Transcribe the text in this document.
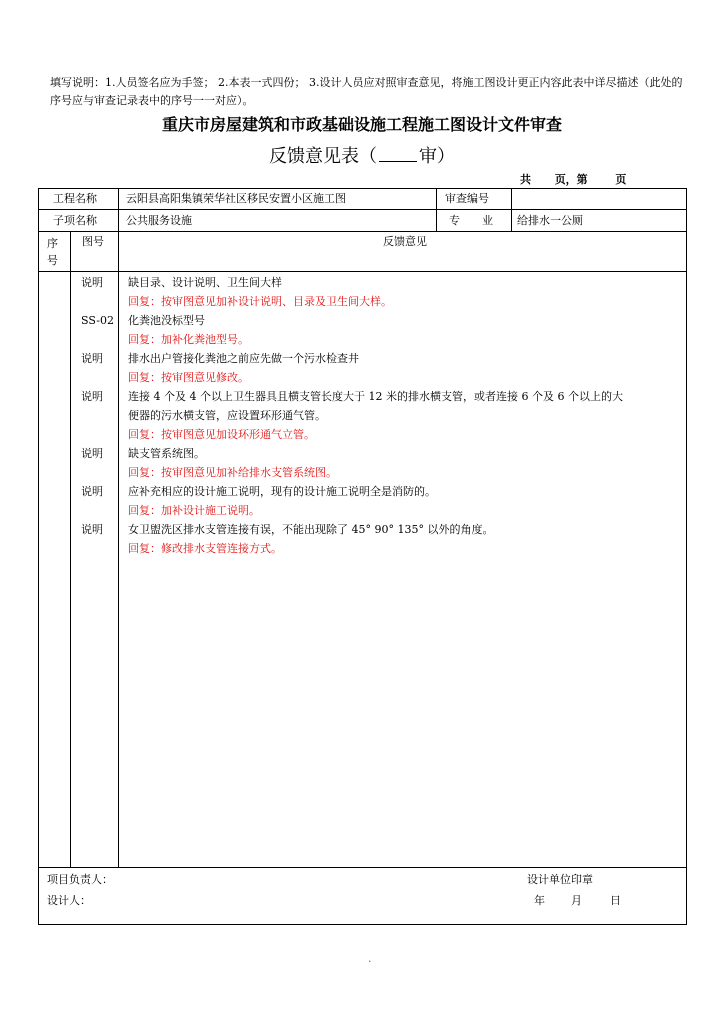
填写说明：1.人员签名应为手签； 2.本表一式四份； 3.设计人员应对照审查意见，将施工图设计更正内容此表中详尽描述（此处的序号应与审查记录表中的序号一一对应）。
重庆市房屋建筑和市政基础设施工程施工图设计文件审查
反馈意见表（ 审）
共 页，第	页
工程名称	云阳县高阳集镇荣华社区移民安置小区施工图	审查编号
子项名称	公共服务设施	专　　业 给排水一公厕
序
号
图号	反馈意见
说明	缺目录、设计说明、卫生间大样
回复：按审图意见加补设计说明、目录及卫生间大样。
SS-02	化粪池没标型号
回复：加补化粪池型号。
说明	排水出户管接化粪池之前应先做一个污水检查井
回复：按审图意见修改。
说明	连接 4 个及 4 个以上卫生器具且横支管长度大于 12 米的排水横支管，或者连接 6 个及 6 个以上的大
便器的污水横支管，应设置环形通气管。
回复：按审图意见加设环形通气立管。
说明	缺支管系统图。
回复：按审图意见加补给排水支管系统图。
说明	应补充相应的设计施工说明，现有的设计施工说明全是消防的。
回复：加补设计施工说明。
说明	女卫盥洗区排水支管连接有误，不能出现除了 45° 90° 135° 以外的角度。
回复：修改排水支管连接方式。
项目负责人：
设计人：
设计单位印章
年 月	日
.
